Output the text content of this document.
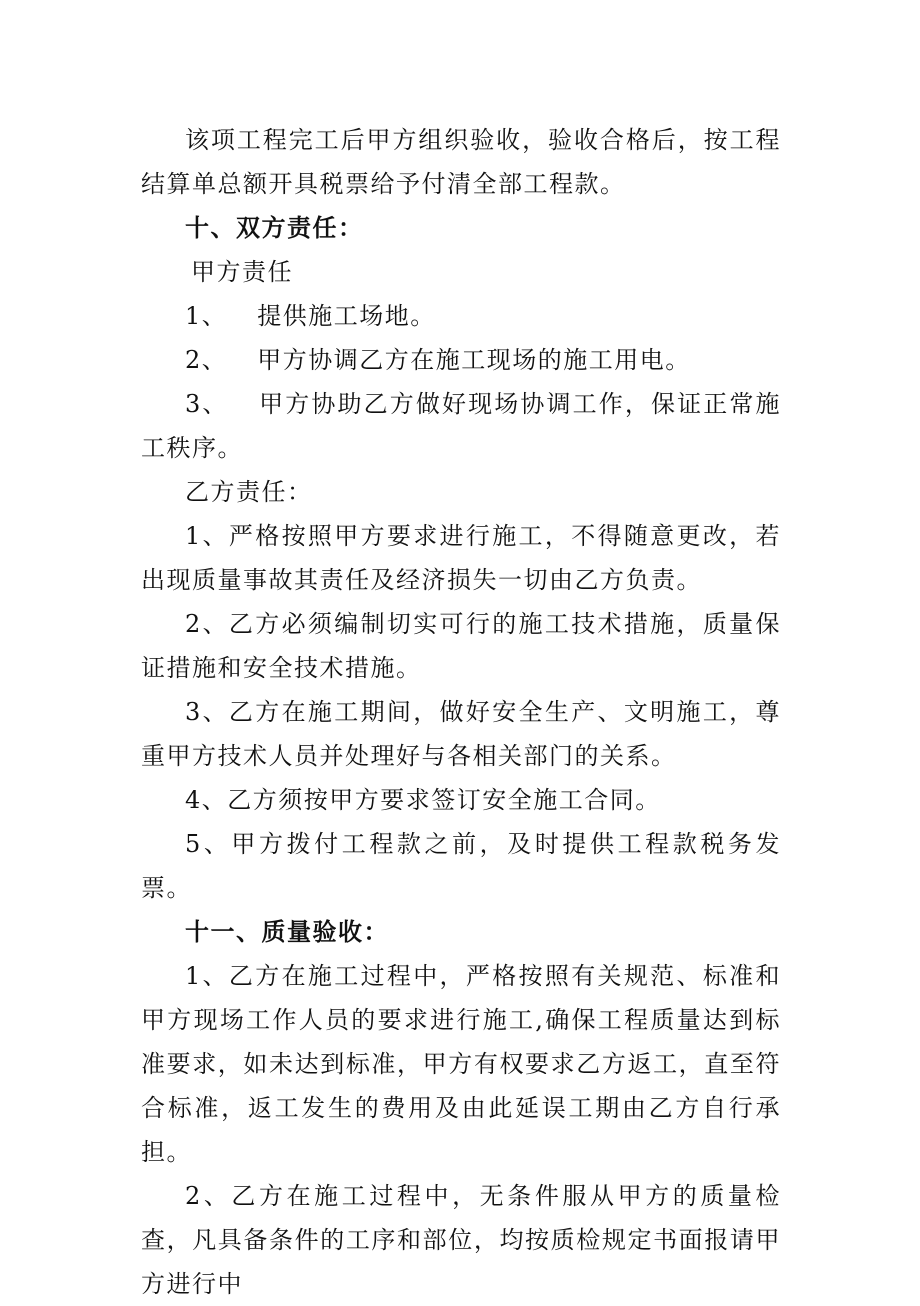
该项工程完工后甲方组织验收，验收合格后，按工程结算单总额开具税票给予付清全部工程款。

十、双方责任：

甲方责任

1、 提供施工场地。

2、 甲方协调乙方在施工现场的施工用电。

3、 甲方协助乙方做好现场协调工作，保证正常施工秩序。

乙方责任：

1、严格按照甲方要求进行施工，不得随意更改，若出现质量事故其责任及经济损失一切由乙方负责。

2、乙方必须编制切实可行的施工技术措施，质量保证措施和安全技术措施。

3、乙方在施工期间，做好安全生产、文明施工，尊重甲方技术人员并处理好与各相关部门的关系。

4、乙方须按甲方要求签订安全施工合同。

5、甲方拨付工程款之前，及时提供工程款税务发票。

十一、质量验收：

1、乙方在施工过程中，严格按照有关规范、标准和甲方现场工作人员的要求进行施工,确保工程质量达到标准要求，如未达到标准，甲方有权要求乙方返工，直至符合标准，返工发生的费用及由此延误工期由乙方自行承担。

2、乙方在施工过程中，无条件服从甲方的质量检查，凡具备条件的工序和部位，均按质检规定书面报请甲方进行中
